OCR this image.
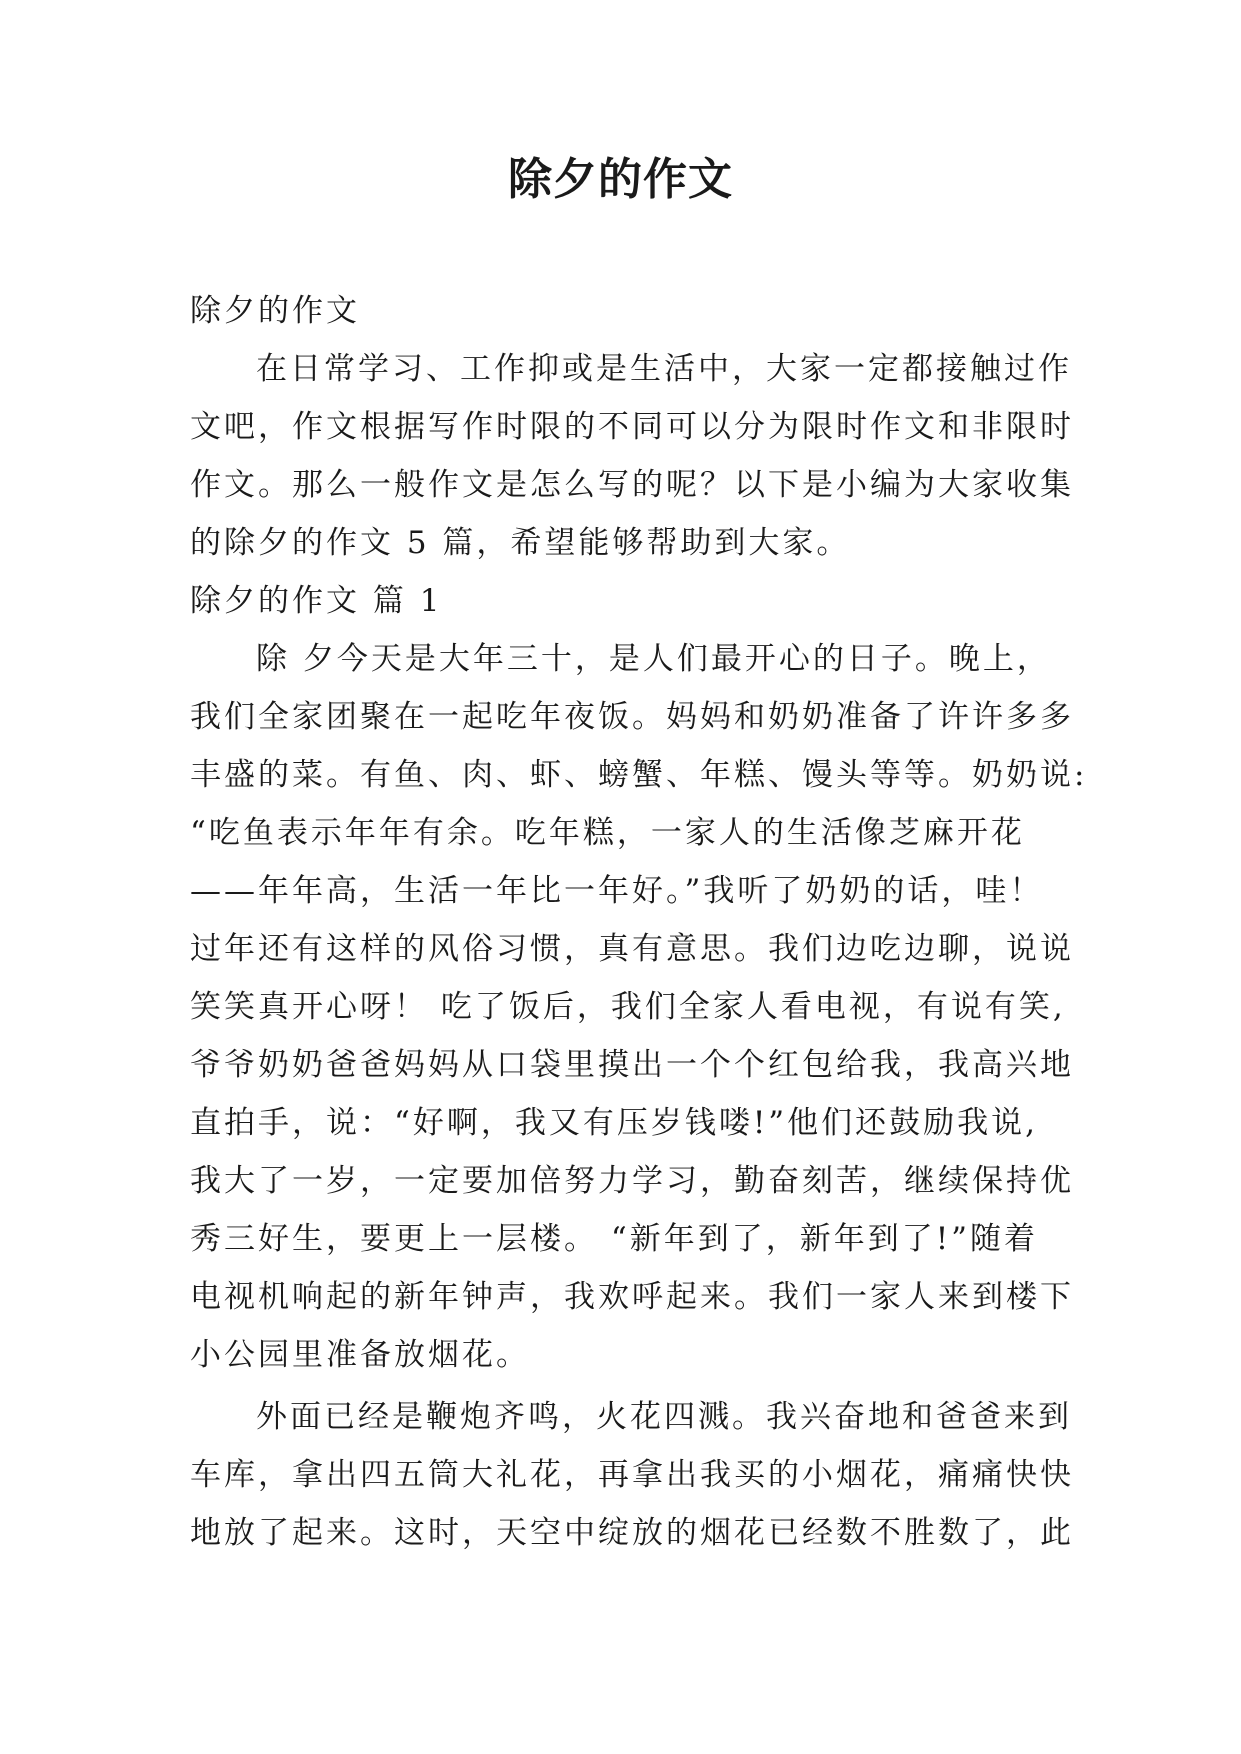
除夕的作文
除夕的作文
在日常学习、工作抑或是生活中，大家一定都接触过作
文吧，作文根据写作时限的不同可以分为限时作文和非限时
作文。那么一般作文是怎么写的呢？以下是小编为大家收集
的除夕的作文 5 篇，希望能够帮助到大家。
除夕的作文 篇 1
除 夕今天是大年三十，是人们最开心的日子。晚上，
我们全家团聚在一起吃年夜饭。妈妈和奶奶准备了许许多多
丰盛的菜。有鱼、肉、虾、螃蟹、年糕、馒头等等。奶奶说:
“吃鱼表示年年有余。吃年糕，一家人的生活像芝麻开花
——年年高，生活一年比一年好。”我听了奶奶的话，哇！
过年还有这样的风俗习惯，真有意思。我们边吃边聊，说说
笑笑真开心呀！ 吃了饭后，我们全家人看电视，有说有笑,
爷爷奶奶爸爸妈妈从口袋里摸出一个个红包给我，我高兴地
直拍手，说：“好啊，我又有压岁钱喽!”他们还鼓励我说,
我大了一岁，一定要加倍努力学习，勤奋刻苦，继续保持优
秀三好生，要更上一层楼。 “新年到了，新年到了!”随着
电视机响起的新年钟声，我欢呼起来。我们一家人来到楼下
小公园里准备放烟花。
外面已经是鞭炮齐鸣，火花四溅。我兴奋地和爸爸来到
车库，拿出四五筒大礼花，再拿出我买的小烟花，痛痛快快
地放了起来。这时，天空中绽放的烟花已经数不胜数了，此
